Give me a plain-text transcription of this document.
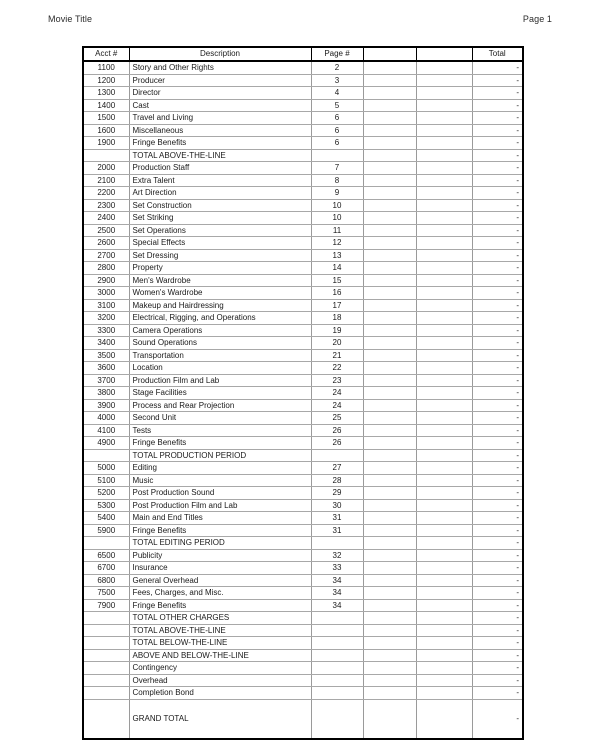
Movie Title	Page 1
Acct #	Description	Page #			Total
1100	Story and Other Rights	2			-
1200	Producer	3			-
1300	Director	4			-
1400	Cast	5			-
1500	Travel and Living	6			-
1600	Miscellaneous	6			-
1900	Fringe Benefits	6			-
	TOTAL ABOVE-THE-LINE				-
2000	Production Staff	7			-
2100	Extra Talent	8			-
2200	Art Direction	9			-
2300	Set Construction	10			-
2400	Set Striking	10			-
2500	Set Operations	11			-
2600	Special Effects	12			-
2700	Set Dressing	13			-
2800	Property	14			-
2900	Men's Wardrobe	15			-
3000	Women's Wardrobe	16			-
3100	Makeup and Hairdressing	17			-
3200	Electrical, Rigging, and Operations	18			-
3300	Camera Operations	19			-
3400	Sound Operations	20			-
3500	Transportation	21			-
3600	Location	22			-
3700	Production Film and Lab	23			-
3800	Stage Facilities	24			-
3900	Process and Rear Projection	24			-
4000	Second Unit	25			-
4100	Tests	26			-
4900	Fringe Benefits	26			-
	TOTAL PRODUCTION PERIOD				-
5000	Editing	27			-
5100	Music	28			-
5200	Post Production Sound	29			-
5300	Post Production Film and Lab	30			-
5400	Main and End Titles	31			-
5900	Fringe Benefits	31			-
	TOTAL EDITING PERIOD				-
6500	Publicity	32			-
6700	Insurance	33			-
6800	General Overhead	34			-
7500	Fees, Charges, and Misc.	34			-
7900	Fringe Benefits	34			-
	TOTAL OTHER CHARGES				-
	TOTAL ABOVE-THE-LINE				-
	TOTAL BELOW-THE-LINE				-
	ABOVE AND BELOW-THE-LINE				-
	Contingency				-
	Overhead				-
	Completion Bond				-
	GRAND TOTAL				-
